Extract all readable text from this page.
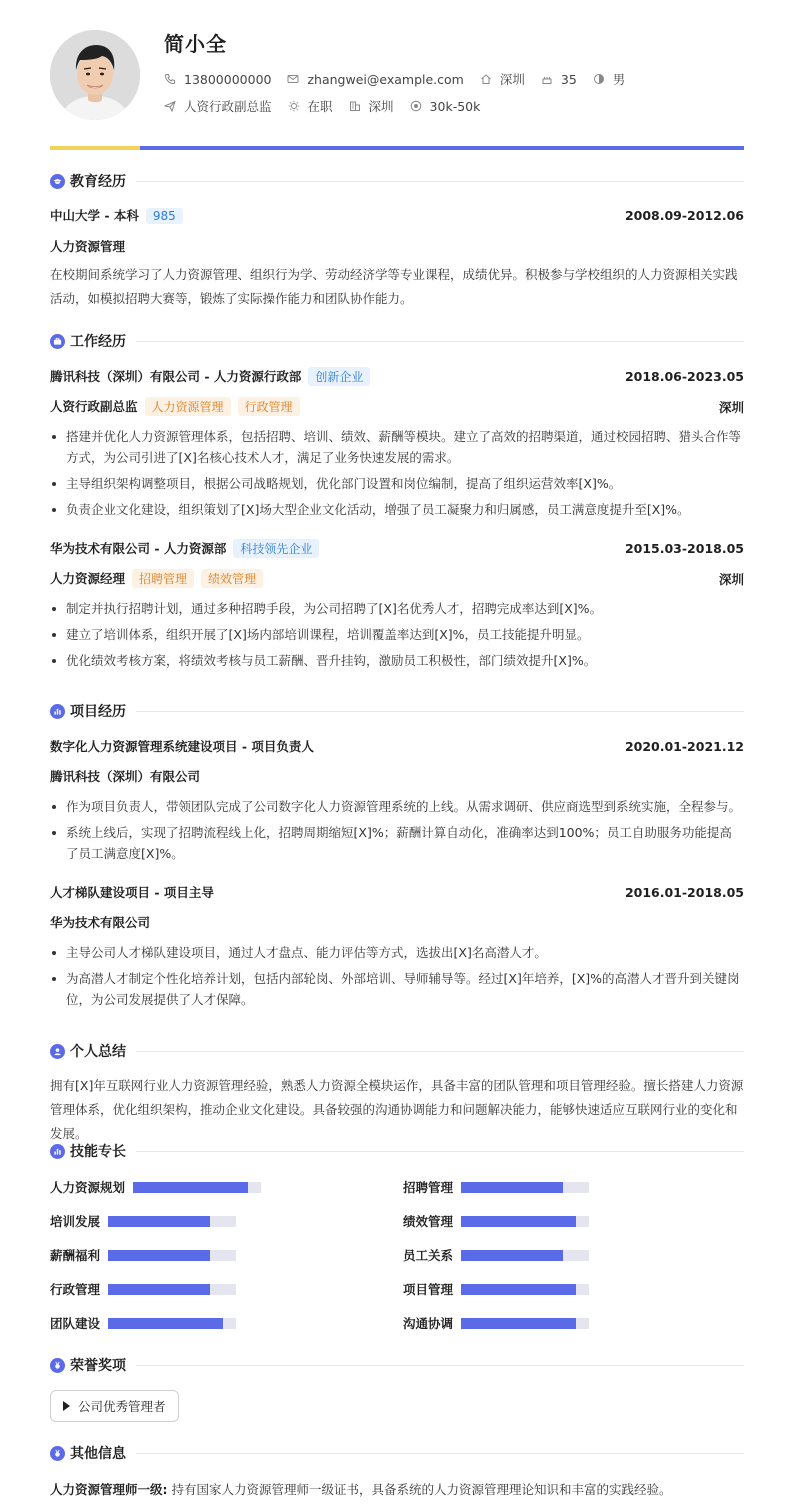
简小全
13800000000	zhangwei@example.com	深圳	35	男
人资行政副总监	在职	深圳	30k-50k
教育经历
中山大学 - 本科 985	2008.09-2012.06
人力资源管理
在校期间系统学习了人力资源管理、组织行为学、劳动经济学等专业课程，成绩优异。积极参与学校组织的人力资源相关实践活动，如模拟招聘大赛等，锻炼了实际操作能力和团队协作能力。
工作经历
腾讯科技（深圳）有限公司 - 人力资源行政部 创新企业	2018.06-2023.05
人资行政副总监 人力资源管理 行政管理	深圳
搭建并优化人力资源管理体系，包括招聘、培训、绩效、薪酬等模块。建立了高效的招聘渠道，通过校园招聘、猎头合作等方式，为公司引进了[X]名核心技术人才，满足了业务快速发展的需求。
主导组织架构调整项目，根据公司战略规划，优化部门设置和岗位编制，提高了组织运营效率[X]%。
负责企业文化建设，组织策划了[X]场大型企业文化活动，增强了员工凝聚力和归属感，员工满意度提升至[X]%。
华为技术有限公司 - 人力资源部 科技领先企业	2015.03-2018.05
人力资源经理 招聘管理 绩效管理	深圳
制定并执行招聘计划，通过多种招聘手段，为公司招聘了[X]名优秀人才，招聘完成率达到[X]%。
建立了培训体系，组织开展了[X]场内部培训课程，培训覆盖率达到[X]%，员工技能提升明显。
优化绩效考核方案，将绩效考核与员工薪酬、晋升挂钩，激励员工积极性，部门绩效提升[X]%。
项目经历
数字化人力资源管理系统建设项目 - 项目负责人	2020.01-2021.12
腾讯科技（深圳）有限公司
作为项目负责人，带领团队完成了公司数字化人力资源管理系统的上线。从需求调研、供应商选型到系统实施，全程参与。
系统上线后，实现了招聘流程线上化，招聘周期缩短[X]%；薪酬计算自动化，准确率达到100%；员工自助服务功能提高了员工满意度[X]%。
人才梯队建设项目 - 项目主导	2016.01-2018.05
华为技术有限公司
主导公司人才梯队建设项目，通过人才盘点、能力评估等方式，选拔出[X]名高潜人才。
为高潜人才制定个性化培养计划，包括内部轮岗、外部培训、导师辅导等。经过[X]年培养，[X]%的高潜人才晋升到关键岗位，为公司发展提供了人才保障。
个人总结
拥有[X]年互联网行业人力资源管理经验，熟悉人力资源全模块运作，具备丰富的团队管理和项目管理经验。擅长搭建人力资源管理体系，优化组织架构，推动企业文化建设。具备较强的沟通协调能力和问题解决能力，能够快速适应互联网行业的变化和发展。
技能专长
人力资源规划	招聘管理
培训发展	绩效管理
薪酬福利	员工关系
行政管理	项目管理
团队建设	沟通协调
荣誉奖项
公司优秀管理者
其他信息
人力资源管理师一级: 持有国家人力资源管理师一级证书，具备系统的人力资源管理理论知识和丰富的实践经验。
